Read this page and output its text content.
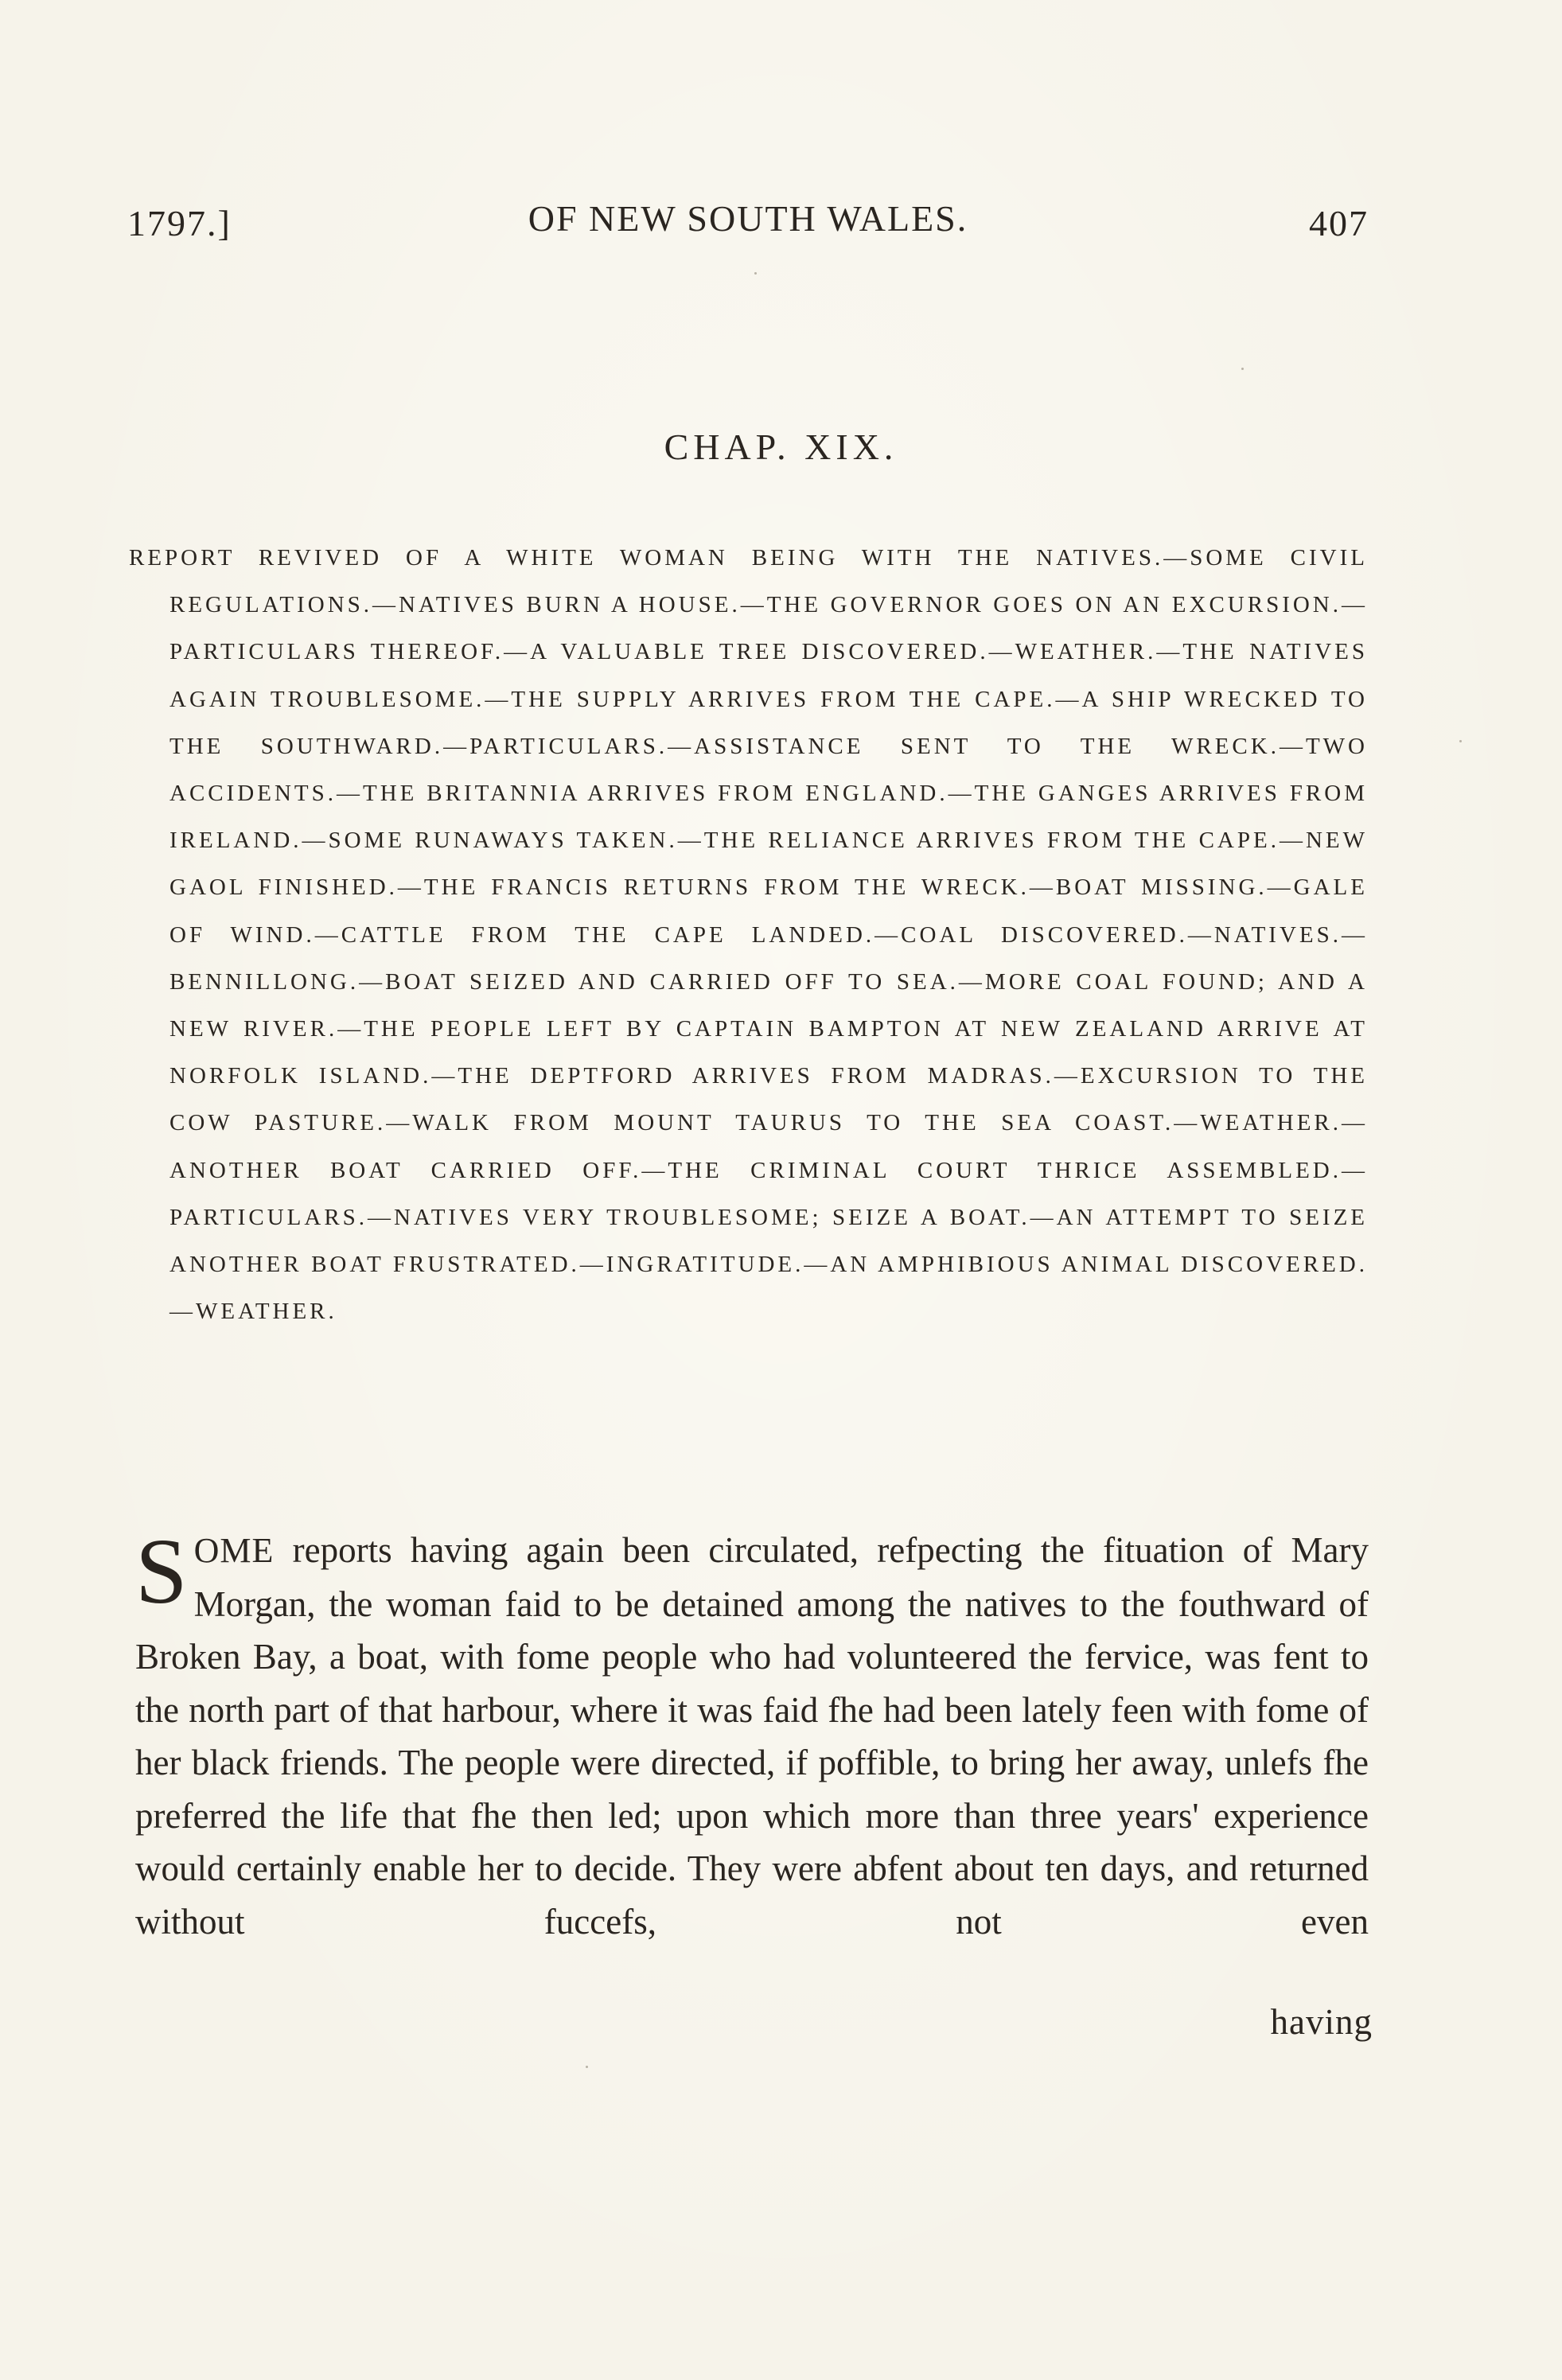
1797.]	OF NEW SOUTH WALES.	407
CHAP. XIX.
REPORT REVIVED OF A WHITE WOMAN BEING WITH THE NATIVES.—SOME CIVIL REGULATIONS.—NATIVES BURN A HOUSE.—THE GOVERNOR GOES ON AN EXCURSION.—PARTICULARS THEREOF.—A VALUABLE TREE DISCOVERED.—WEATHER.—THE NATIVES AGAIN TROUBLESOME.—THE SUPPLY ARRIVES FROM THE CAPE.—A SHIP WRECKED TO THE SOUTHWARD.—PARTICULARS.—ASSISTANCE SENT TO THE WRECK.—TWO ACCIDENTS.—THE BRITANNIA ARRIVES FROM ENGLAND.—THE GANGES ARRIVES FROM IRELAND.—SOME RUNAWAYS TAKEN.—THE RELIANCE ARRIVES FROM THE CAPE.—NEW GAOL FINISHED.—THE FRANCIS RETURNS FROM THE WRECK.—BOAT MISSING.—GALE OF WIND.—CATTLE FROM THE CAPE LANDED.—COAL DISCOVERED.—NATIVES.—BENNILLONG.—BOAT SEIZED AND CARRIED OFF TO SEA.—MORE COAL FOUND; AND A NEW RIVER.—THE PEOPLE LEFT BY CAPTAIN BAMPTON AT NEW ZEALAND ARRIVE AT NORFOLK ISLAND.—THE DEPTFORD ARRIVES FROM MADRAS.—EXCURSION TO THE COW PASTURE.—WALK FROM MOUNT TAURUS TO THE SEA COAST.—WEATHER.—ANOTHER BOAT CARRIED OFF.—THE CRIMINAL COURT THRICE ASSEMBLED.—PARTICULARS.—NATIVES VERY TROUBLESOME; SEIZE A BOAT.—AN ATTEMPT TO SEIZE ANOTHER BOAT FRUSTRATED.—INGRATITUDE.—AN AMPHIBIOUS ANIMAL DISCOVERED.—WEATHER.
SOME reports having again been circulated, refpecting the fituation of Mary Morgan, the woman faid to be detained among the natives to the fouthward of Broken Bay, a boat, with fome people who had volunteered the fervice, was fent to the north part of that harbour, where it was faid fhe had been lately feen with fome of her black friends. The people were directed, if poffible, to bring her away, unlefs fhe preferred the life that fhe then led; upon which more than three years' experience would certainly enable her to decide. They were abfent about ten days, and returned without fuccefs, not even
having
